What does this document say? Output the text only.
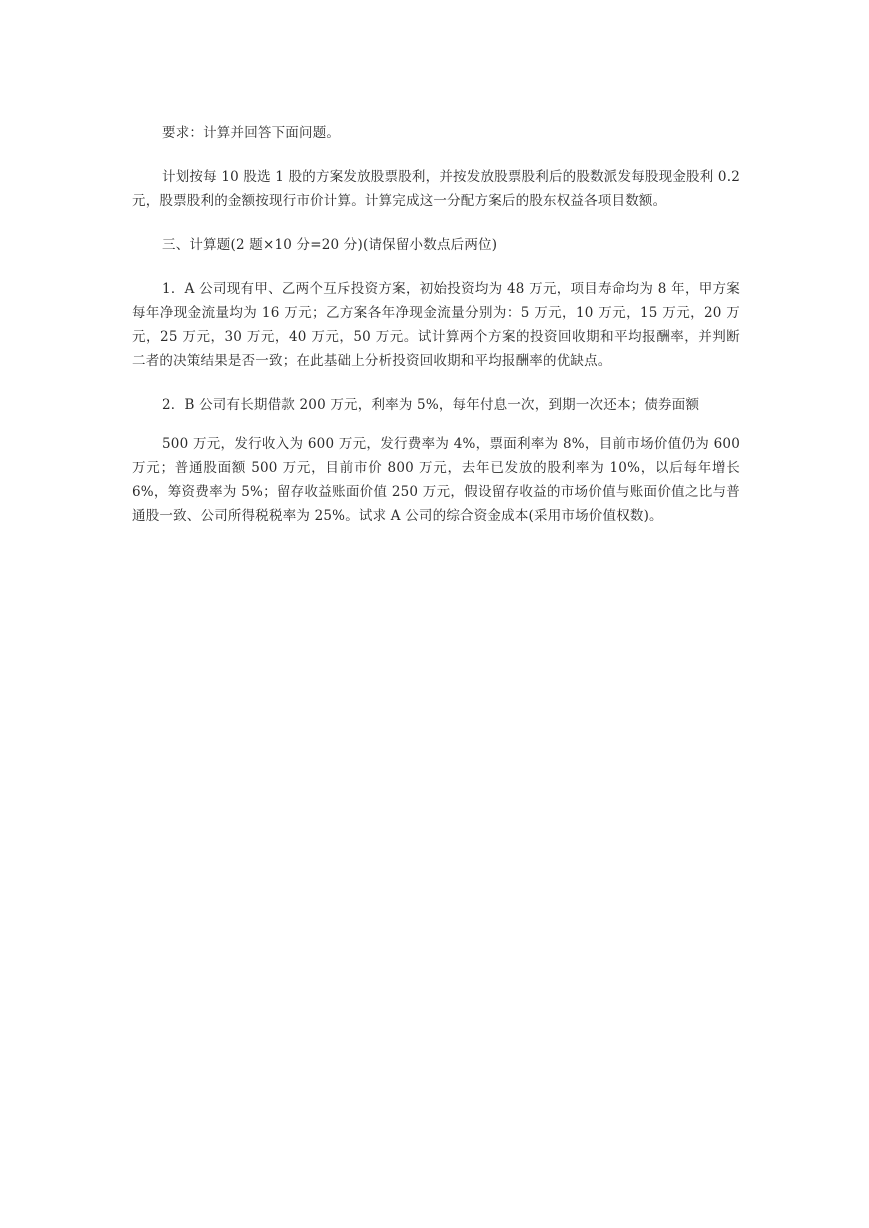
要求：计算并回答下面问题。

计划按每 10 股选 1 股的方案发放股票股利，并按发放股票股利后的股数派发每股现金股利 0.2 元，股票股利的金额按现行市价计算。计算完成这一分配方案后的股东权益各项目数额。

三、计算题(2 题×10 分=20 分)(请保留小数点后两位)

1．A 公司现有甲、乙两个互斥投资方案，初始投资均为 48 万元，项目寿命均为 8 年，甲方案每年净现金流量均为 16 万元；乙方案各年净现金流量分别为：5 万元，10 万元，15 万元，20 万元，25 万元，30 万元，40 万元，50 万元。试计算两个方案的投资回收期和平均报酬率，并判断二者的决策结果是否一致；在此基础上分析投资回收期和平均报酬率的优缺点。

2．B 公司有长期借款 200 万元，利率为 5%，每年付息一次，到期一次还本；债券面额

500 万元，发行收入为 600 万元，发行费率为 4%，票面利率为 8%，目前市场价值仍为 600 万元；普通股面额 500 万元，目前市价 800 万元，去年已发放的股利率为 10%，以后每年增长 6%，筹资费率为 5%；留存收益账面价值 250 万元，假设留存收益的市场价值与账面价值之比与普通股一致、公司所得税税率为 25%。试求 A 公司的综合资金成本(采用市场价值权数)。
